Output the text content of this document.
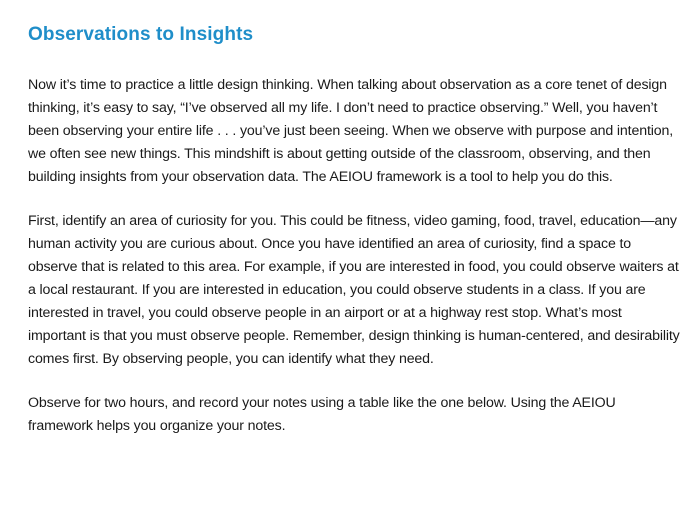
Observations to Insights

Now it’s time to practice a little design thinking. When talking about observation as a core tenet of design thinking, it’s easy to say, “I’ve observed all my life. I don’t need to practice observing.” Well, you haven’t been observing your entire life . . . you’ve just been seeing. When we observe with purpose and intention, we often see new things. This mindshift is about getting outside of the classroom, observing, and then building insights from your observation data. The AEIOU framework is a tool to help you do this.

First, identify an area of curiosity for you. This could be fitness, video gaming, food, travel, education—any human activity you are curious about. Once you have identified an area of curiosity, find a space to observe that is related to this area. For example, if you are interested in food, you could observe waiters at a local restaurant. If you are interested in education, you could observe students in a class. If you are interested in travel, you could observe people in an airport or at a highway rest stop. What’s most important is that you must observe people. Remember, design thinking is human-centered, and desirability comes first. By observing people, you can identify what they need.

Observe for two hours, and record your notes using a table like the one below. Using the AEIOU framework helps you organize your notes.
